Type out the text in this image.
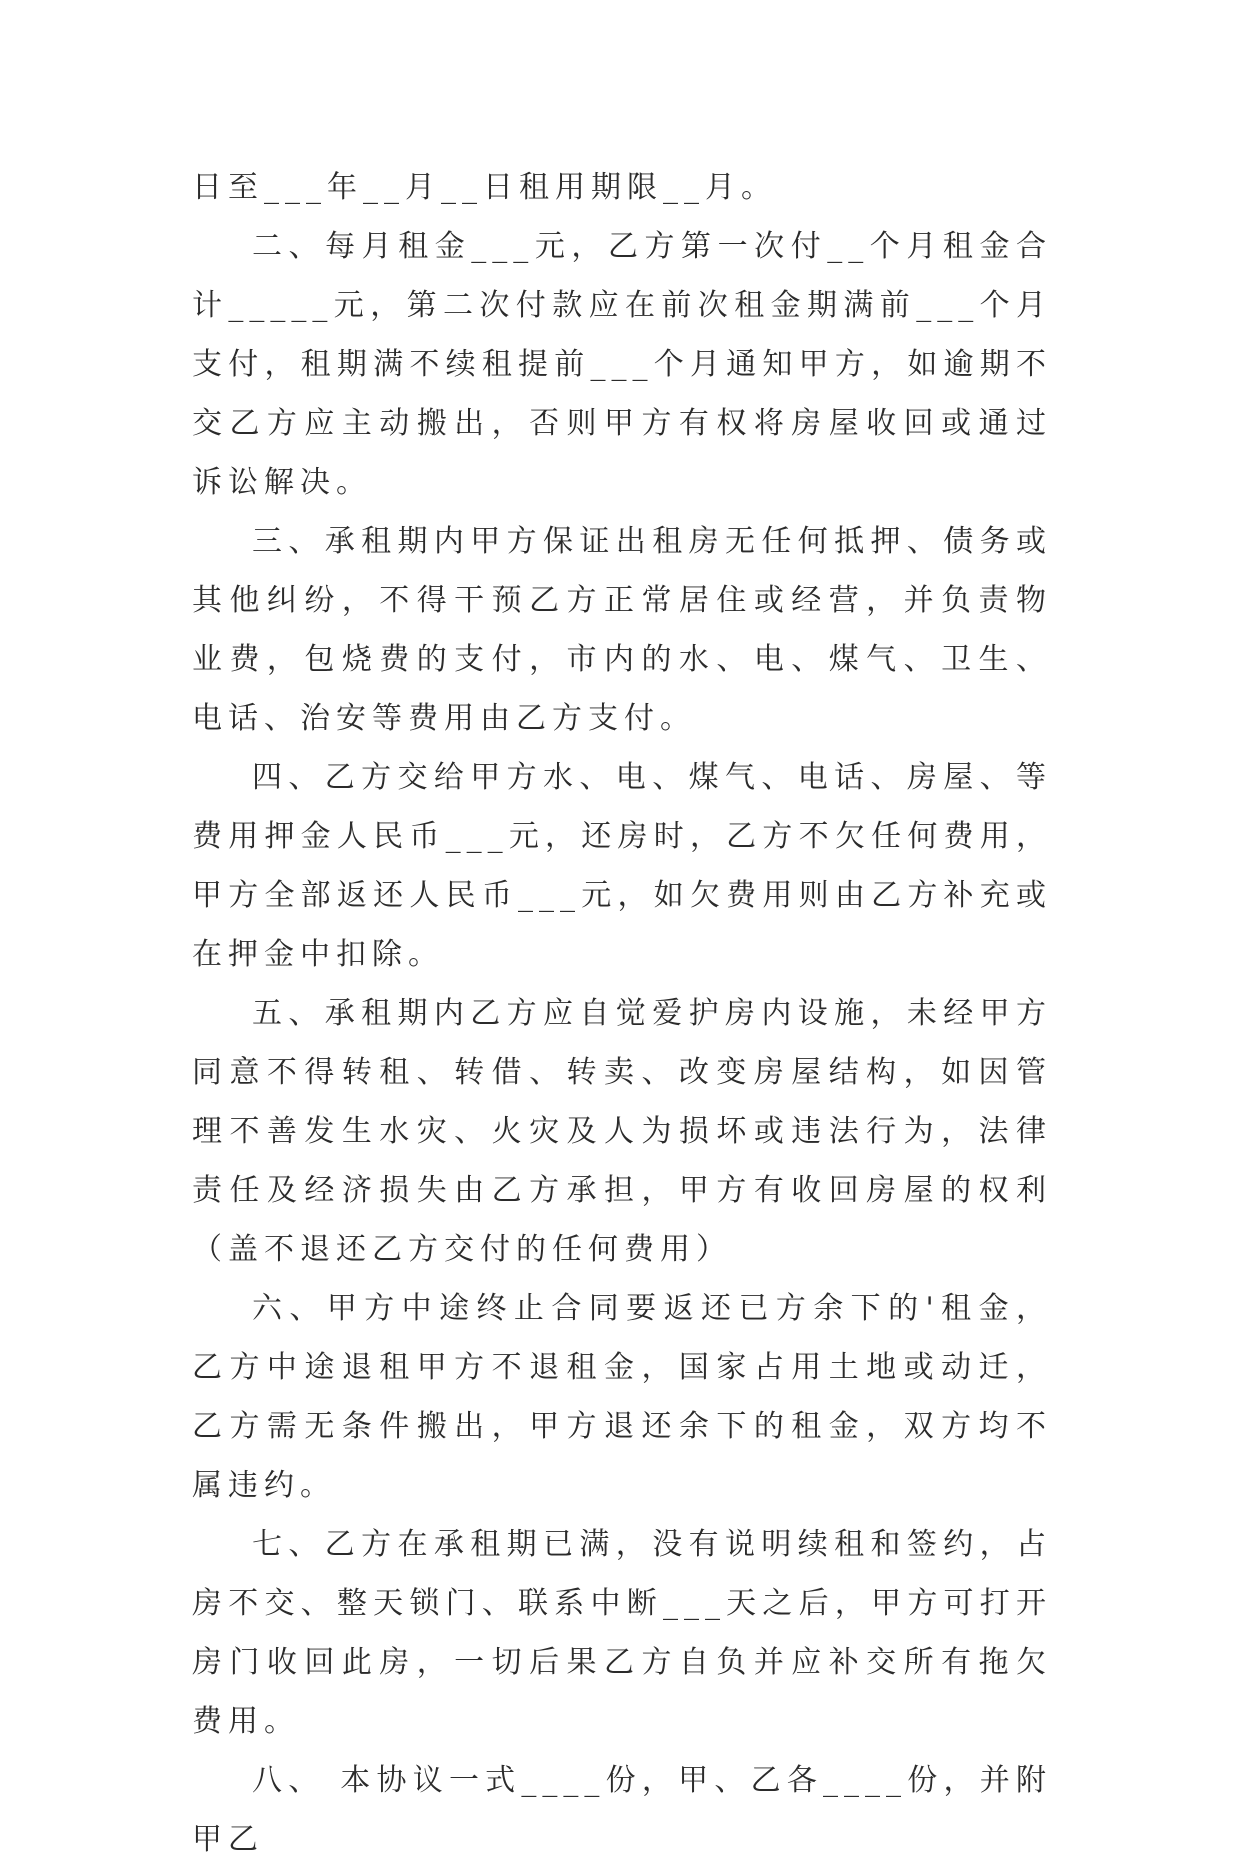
日至___年__月__日租用期限__月。

二、每月租金___元，乙方第一次付__个月租金合计_____元，第二次付款应在前次租金期满前___个月支付，租期满不续租提前___个月通知甲方，如逾期不交乙方应主动搬出，否则甲方有权将房屋收回或通过诉讼解决。

三、承租期内甲方保证出租房无任何抵押、债务或其他纠纷，不得干预乙方正常居住或经营，并负责物业费，包烧费的支付，市内的水、电、煤气、卫生、电话、治安等费用由乙方支付。

四、乙方交给甲方水、电、煤气、电话、房屋、等费用押金人民币___元，还房时，乙方不欠任何费用，甲方全部返还人民币___元，如欠费用则由乙方补充或在押金中扣除。

五、承租期内乙方应自觉爱护房内设施，未经甲方同意不得转租、转借、转卖、改变房屋结构，如因管理不善发生水灾、火灾及人为损坏或违法行为，法律责任及经济损失由乙方承担，甲方有收回房屋的权利（盖不退还乙方交付的任何费用）

六、甲方中途终止合同要返还已方余下的'租金，乙方中途退租甲方不退租金，国家占用土地或动迁，乙方需无条件搬出，甲方退还余下的租金，双方均不属违约。

七、乙方在承租期已满，没有说明续租和签约，占房不交、整天锁门、联系中断___天之后，甲方可打开房门收回此房，一切后果乙方自负并应补交所有拖欠费用。

八、 本协议一式____份，甲、乙各____份，并附甲乙
